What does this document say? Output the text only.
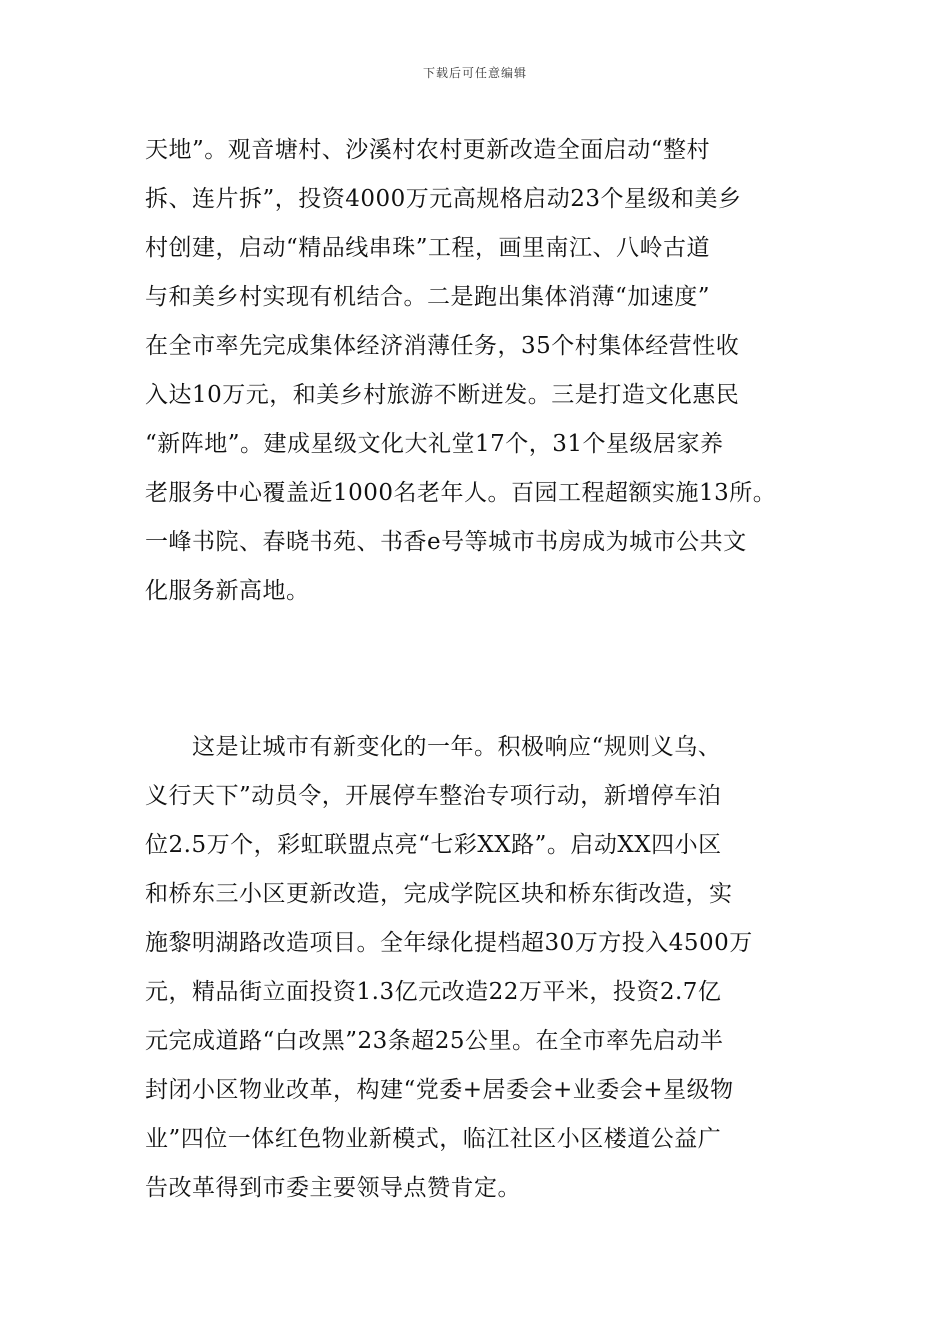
下载后可任意编辑
天地”。观音塘村、沙溪村农村更新改造全面启动“整村
拆、连片拆”，投资4000万元高规格启动23个星级和美乡
村创建，启动“精品线串珠”工程，画里南江、八岭古道
与和美乡村实现有机结合。二是跑出集体消薄“加速度”
在全市率先完成集体经济消薄任务，35个村集体经营性收
入达10万元，和美乡村旅游不断迸发。三是打造文化惠民
“新阵地”。建成星级文化大礼堂17个，31个星级居家养
老服务中心覆盖近1000名老年人。百园工程超额实施13所。
一峰书院、春晓书苑、书香e号等城市书房成为城市公共文
化服务新高地。
　　这是让城市有新变化的一年。积极响应“规则义乌、
义行天下”动员令，开展停车整治专项行动，新增停车泊
位2.5万个，彩虹联盟点亮“七彩XX路”。启动XX四小区
和桥东三小区更新改造，完成学院区块和桥东街改造，实
施黎明湖路改造项目。全年绿化提档超30万方投入4500万
元，精品街立面投资1.3亿元改造22万平米，投资2.7亿
元完成道路“白改黑”23条超25公里。在全市率先启动半
封闭小区物业改革，构建“党委+居委会+业委会+星级物
业”四位一体红色物业新模式，临江社区小区楼道公益广
告改革得到市委主要领导点赞肯定。
